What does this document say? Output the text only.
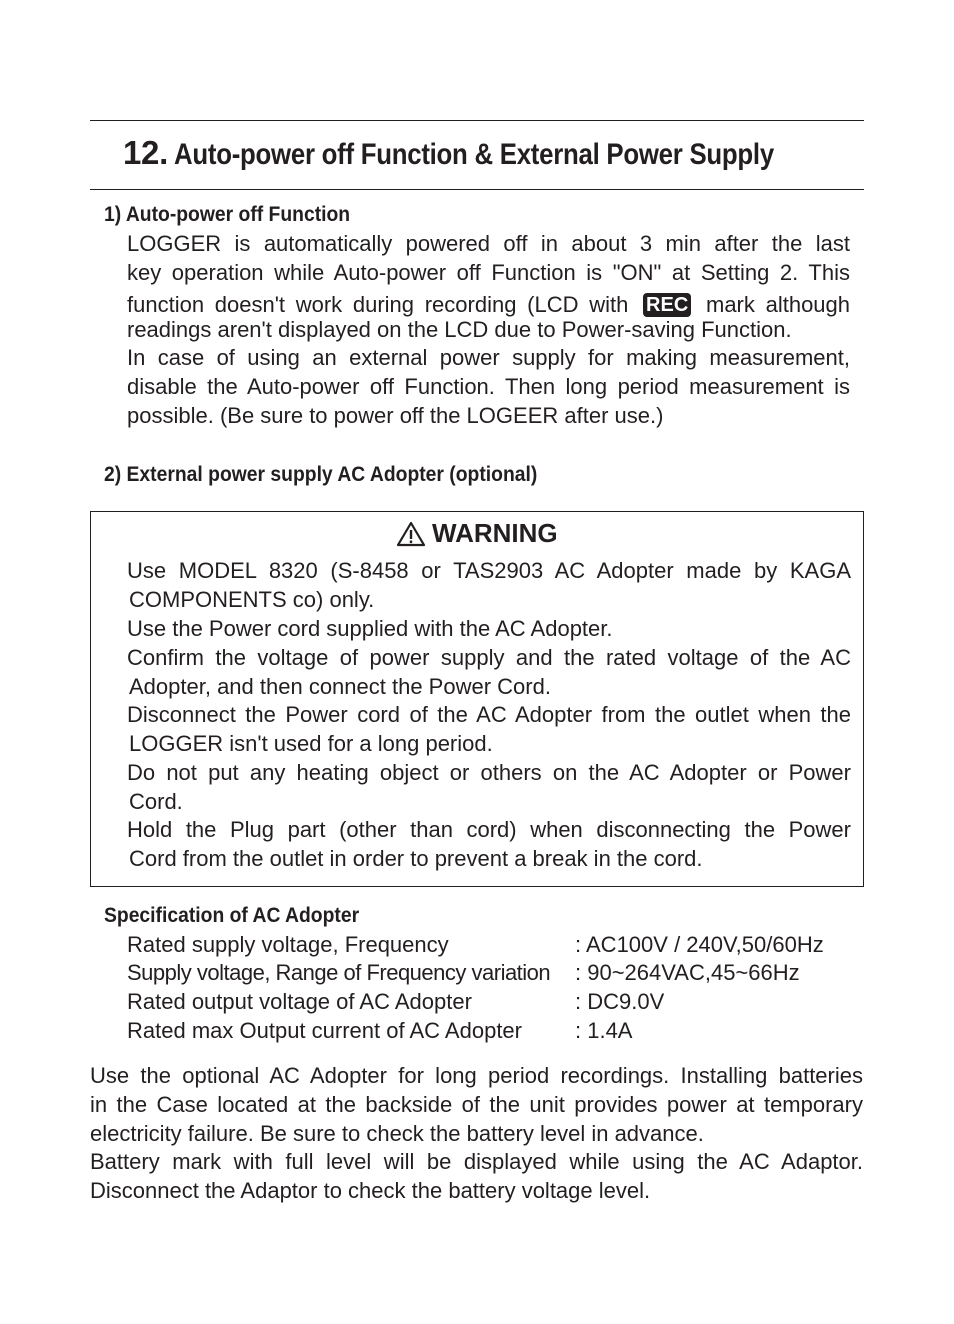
12. Auto-power off Function & External Power Supply
1) Auto-power off Function
LOGGER is automatically powered off in about 3 min after the last
key operation while Auto-power off Function is "ON" at Setting 2. This
function doesn't work during recording (LCD with REC mark although
readings aren't displayed on the LCD due to Power-saving Function.
In case of using an external power supply for making measurement,
disable the Auto-power off Function. Then long period measurement is
possible. (Be sure to power off the LOGEER after use.)
2) External power supply AC Adopter (optional)
WARNING
Use MODEL 8320 (S-8458 or TAS2903 AC Adopter made by KAGA
COMPONENTS co) only.
Use the Power cord supplied with the AC Adopter.
Confirm the voltage of power supply and the rated voltage of the AC
Adopter, and then connect the Power Cord.
Disconnect the Power cord of the AC Adopter from the outlet when the
LOGGER isn't used for a long period.
Do not put any heating object or others on the AC Adopter or Power
Cord.
Hold the Plug part (other than cord) when disconnecting the Power
Cord from the outlet in order to prevent a break in the cord.
Specification of AC Adopter
Rated supply voltage, Frequency	: AC100V / 240V,50/60Hz
Supply voltage, Range of Frequency variation : 90~264VAC,45~66Hz
Rated output voltage of AC Adopter	: DC9.0V
Rated max Output current of AC Adopter : 1.4A
Use the optional AC Adopter for long period recordings. Installing batteries
in the Case located at the backside of the unit provides power at temporary
electricity failure. Be sure to check the battery level in advance.
Battery mark with full level will be displayed while using the AC Adaptor.
Disconnect the Adaptor to check the battery voltage level.
